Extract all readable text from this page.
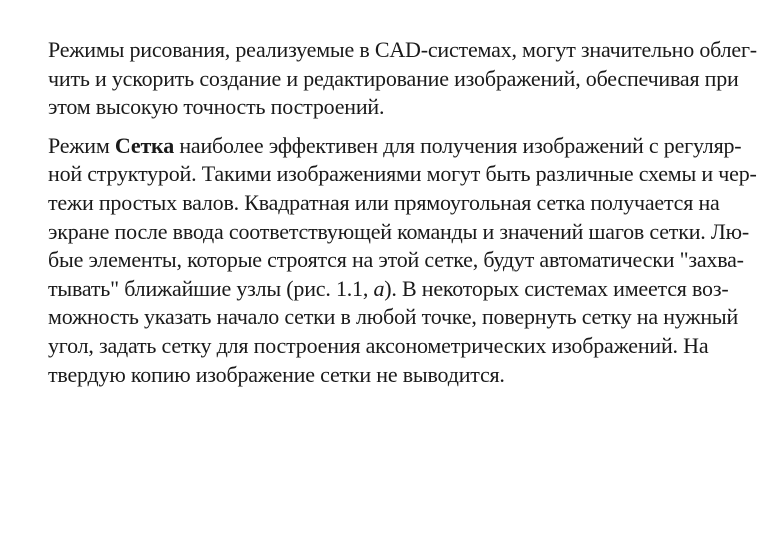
Режимы рисования, реализуемые в CAD-системах, могут значительно облег-
чить и ускорить создание и редактирование изображений, обеспечивая при
этом высокую точность построений.
Режим Сетка наиболее эффективен для получения изображений с регуляр-
ной структурой. Такими изображениями могут быть различные схемы и чер-
тежи простых валов. Квадратная или прямоугольная сетка получается на
экране после ввода соответствующей команды и значений шагов сетки. Лю-
бые элементы, которые строятся на этой сетке, будут автоматически "захва-
тывать" ближайшие узлы (рис. 1.1, а). В некоторых системах имеется воз-
можность указать начало сетки в любой точке, повернуть сетку на нужный
угол, задать сетку для построения аксонометрических изображений. На
твердую копию изображение сетки не выводится.
